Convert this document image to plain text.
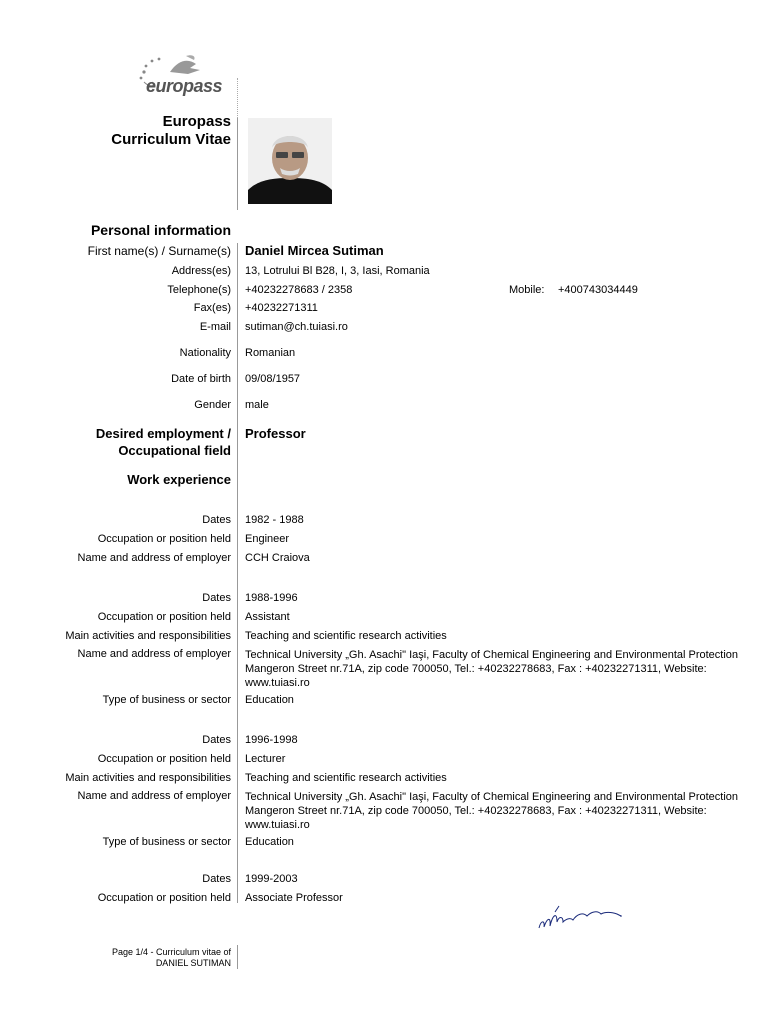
europass
Europass
Curriculum Vitae
Personal information
First name(s) / Surname(s) Daniel Mircea Sutiman
Address(es) 13, Lotrului Bl B28, I, 3, Iasi, Romania
Telephone(s) +40232278683 / 2358	Mobile: +400743034449
Fax(es) +40232271311
E-mail sutiman@ch.tuiasi.ro
Nationality Romanian
Date of birth 09/08/1957
Gender male
Desired employment /
Occupational field
Professor
Work experience
Dates 1982 - 1988
Occupation or position held Engineer
Name and address of employer CCH Craiova
Dates 1988-1996
Occupation or position held Assistant
Main activities and responsibilities Teaching and scientific research activities
Name and address of employer Technical University „Gh. Asachi" Iaşi, Faculty of Chemical Engineering and Environmental Protection Mangeron Street nr.71A, zip code 700050, Tel.: +40232278683, Fax : +40232271311, Website: www.tuiasi.ro
Type of business or sector Education
Dates 1996-1998
Occupation or position held Lecturer
Main activities and responsibilities Teaching and scientific research activities
Name and address of employer Technical University „Gh. Asachi" Iaşi, Faculty of Chemical Engineering and Environmental Protection Mangeron Street nr.71A, zip code 700050, Tel.: +40232278683, Fax : +40232271311, Website: www.tuiasi.ro
Type of business or sector Education
Dates 1999-2003
Occupation or position held Associate Professor
Page 1/4 - Curriculum vitae of
DANIEL SUTIMAN
